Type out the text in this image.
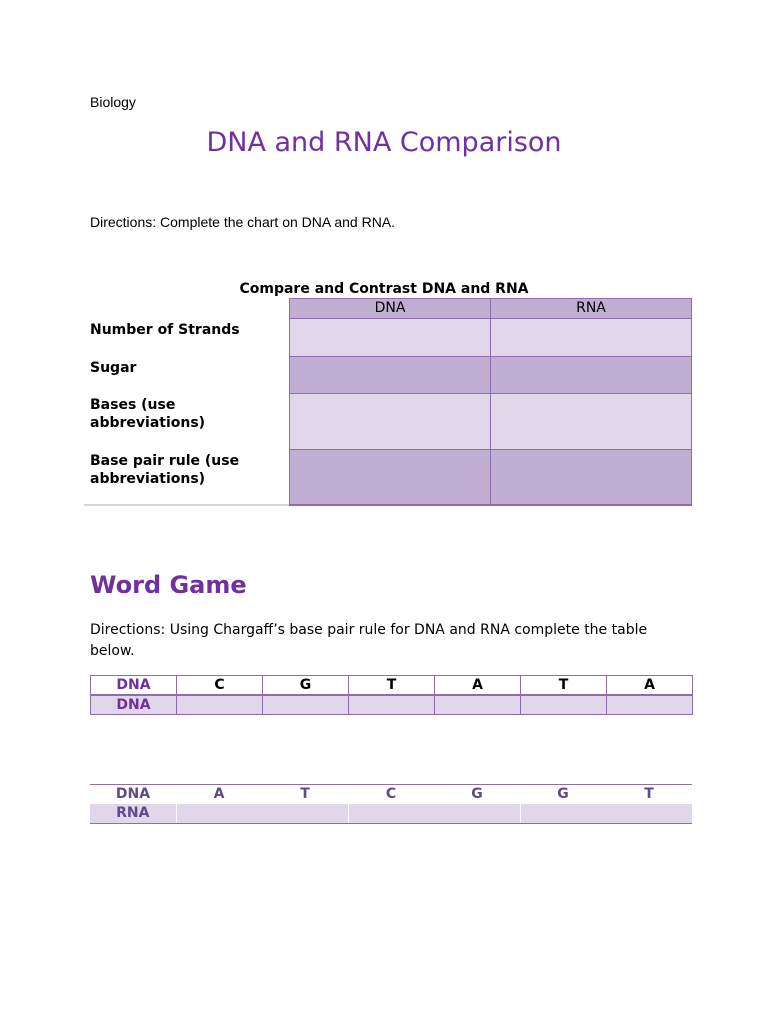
Biology
DNA and RNA Comparison
Directions: Complete the chart on DNA and RNA.
Compare and Contrast DNA and RNA
	DNA	RNA
Number of Strands		
Sugar		
Bases (use abbreviations)		
Base pair rule (use abbreviations)		
Word Game
Directions: Using Chargaff’s base pair rule for DNA and RNA complete the table below.
DNA	C	G	T	A	T	A
DNA						
DNA	A	T	C	G	G	T
RNA						
